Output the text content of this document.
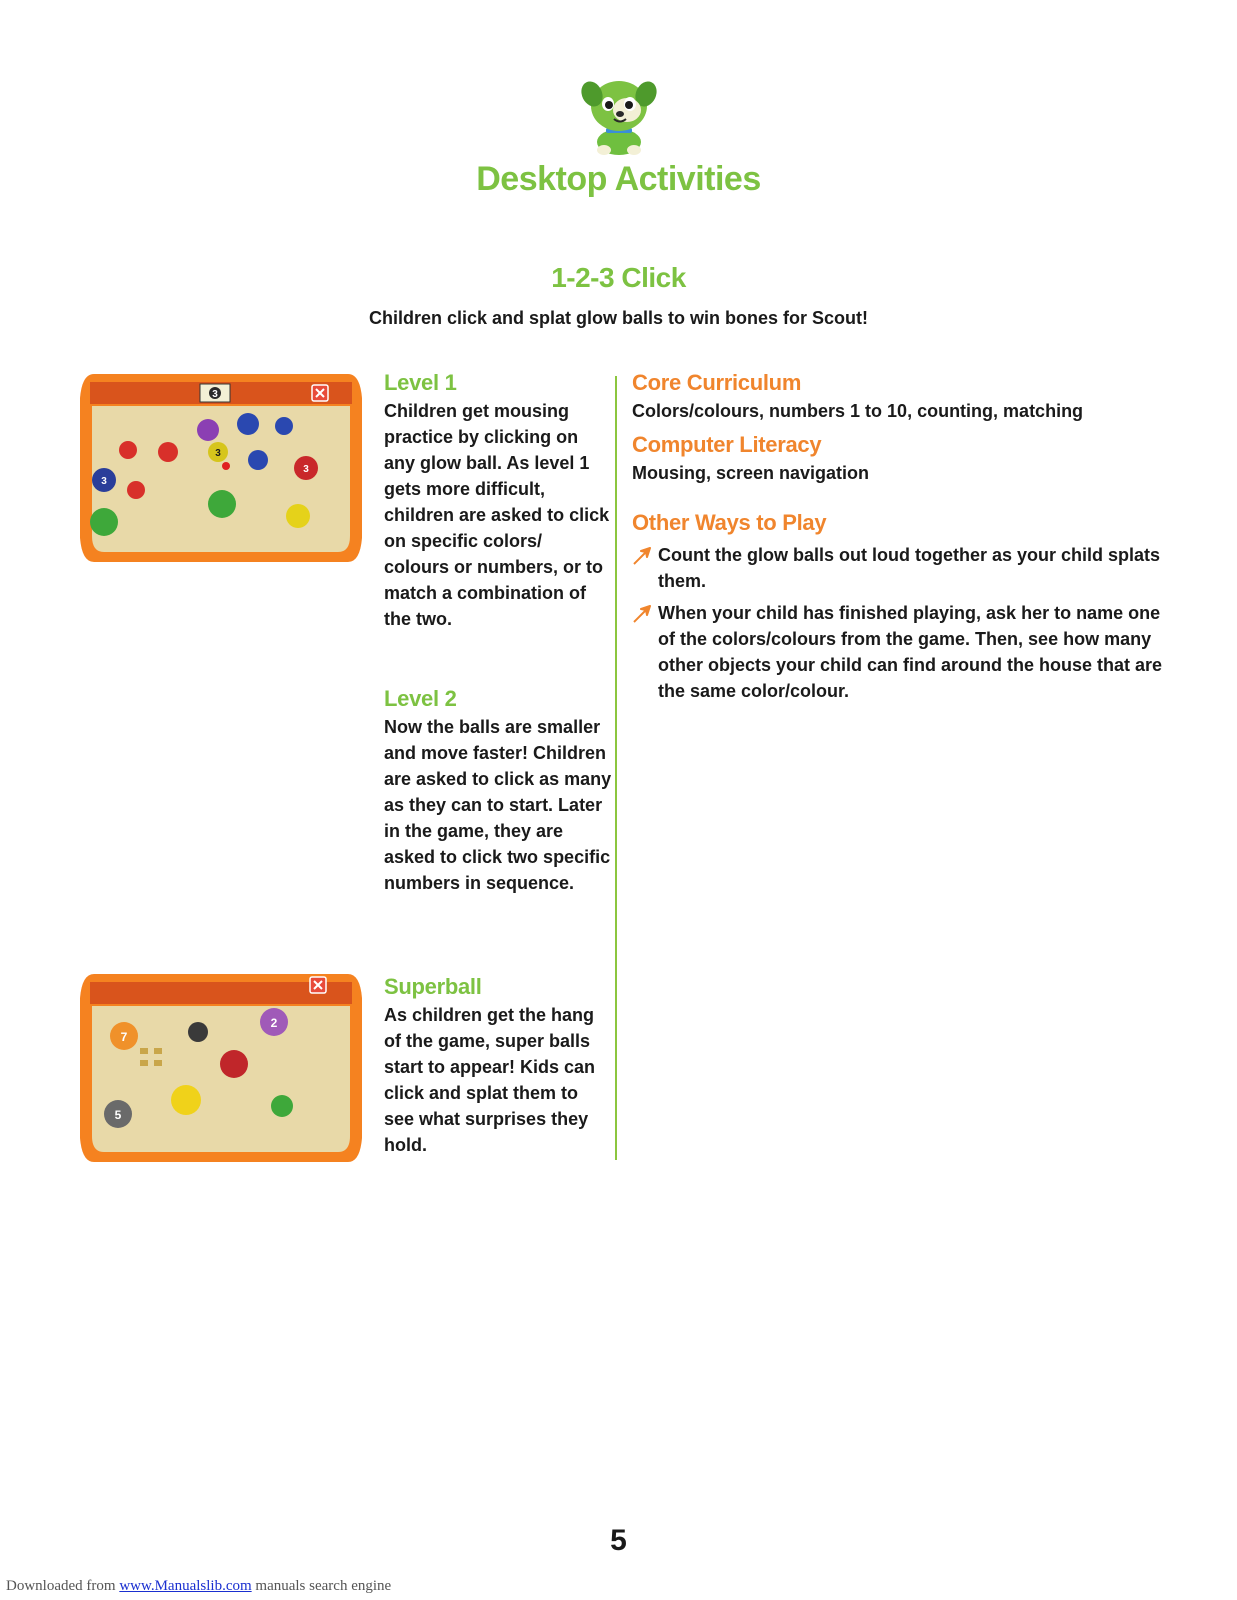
Desktop Activities
1-2-3 Click
Children click and splat glow balls to win bones for Scout!
3
3
3
3
7
2
5
Level 1

Children get mousing practice by clicking on any glow ball. As level 1 gets more difficult, children are asked to click on specific colors/ colours or numbers, or to match a combination of the two.

Level 2

Now the balls are smaller and move faster! Children are asked to click as many as they can to start. Later in the game, they are asked to click two specific numbers in sequence.

Superball

As children get the hang of the game, super balls start to appear! Kids can click and splat them to see what surprises they hold.

Core Curriculum

Colors/colours, numbers 1 to 10, counting, matching

Computer Literacy

Mousing, screen navigation

Other Ways to Play

Count the glow balls out loud together as your child splats them.

When your child has finished playing, ask her to name one of the colors/colours from the game. Then, see how many other objects your child can find around the house that are the same color/colour.

5
Downloaded from www.Manualslib.com manuals search engine
